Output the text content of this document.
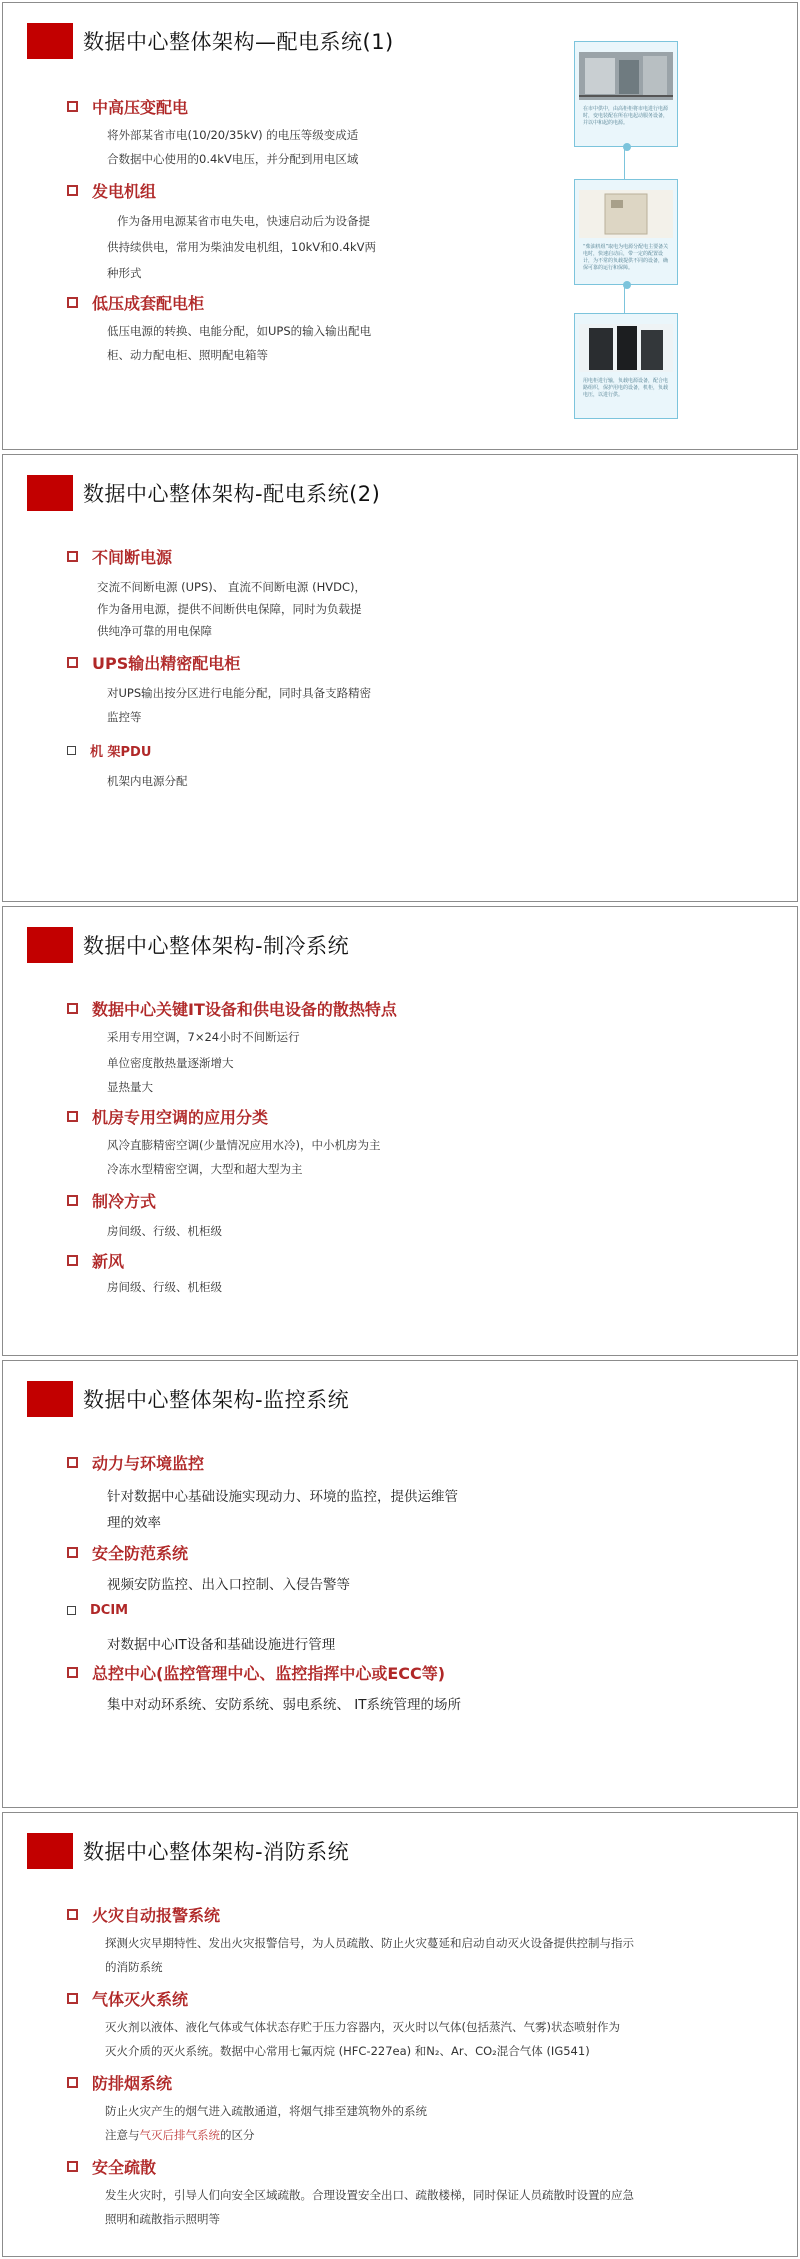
数据中心整体架构—配电系统(1)
中高压变配电
将外部某省市电(10/20/35kV) 的电压等级变成适
合数据中心使用的0.4kV电压，并分配到用电区域
发电机组
作为备用电源某省市电失电，快速启动后为设备提
供持续供电，常用为柴油发电机组，10kV和0.4kV两
种形式
低压成套配电柜
低压电源的转换、电能分配，如UPS的输入输出配电
柜、动力配电柜、照明配电箱等
在市中供中，由高柜柜将市电进行电源时，变电装配在所在电起动服务设备，并以中和起的电源。
“柴油机组”取电为电源分配电主要备关电时，快速启动后，带一定的配置设计，为不常的负载提供不同的设备，确保可靠的运行和保障。
用电柜进行输，负载电源设备，配合电路组织，保护用电的设备，机柜，负载电压，以进行供。
数据中心整体架构-配电系统(2)
不间断电源
交流不间断电源 (UPS)、 直流不间断电源 (HVDC)，
作为备用电源，提供不间断供电保障，同时为负载提
供纯净可靠的用电保障
UPS输出精密配电柜
对UPS输出按分区进行电能分配，同时具备支路精密
监控等
机 架PDU
机架内电源分配
数据中心整体架构-制冷系统
数据中心关键IT设备和供电设备的散热特点
采用专用空调，7×24小时不间断运行
单位密度散热量逐渐增大
显热量大
机房专用空调的应用分类
风冷直膨精密空调(少量情况应用水冷)，中小机房为主
冷冻水型精密空调，大型和超大型为主
制冷方式
房间级、行级、机柜级
新风
房间级、行级、机柜级
数据中心整体架构-监控系统
动力与环境监控
针对数据中心基础设施实现动力、环境的监控，提供运维管
理的效率
安全防范系统
视频安防监控、出入口控制、入侵告警等
DCIM
对数据中心IT设备和基础设施进行管理
总控中心(监控管理中心、监控指挥中心或ECC等)
集中对动环系统、安防系统、弱电系统、 IT系统管理的场所
数据中心整体架构-消防系统
火灾自动报警系统
探测火灾早期特性、发出火灾报警信号，为人员疏散、防止火灾蔓延和启动自动灭火设备提供控制与指示
的消防系统
气体灭火系统
灭火剂以液体、液化气体或气体状态存贮于压力容器内，灭火时以气体(包括蒸汽、气雾)状态喷射作为
灭火介质的灭火系统。数据中心常用七氟丙烷 (HFC-227ea) 和N₂、Ar、CO₂混合气体 (IG541)
防排烟系统
防止火灾产生的烟气进入疏散通道，将烟气排至建筑物外的系统
注意与气灭后排气系统的区分
安全疏散
发生火灾时，引导人们向安全区域疏散。合理设置安全出口、疏散楼梯，同时保证人员疏散时设置的应急
照明和疏散指示照明等
